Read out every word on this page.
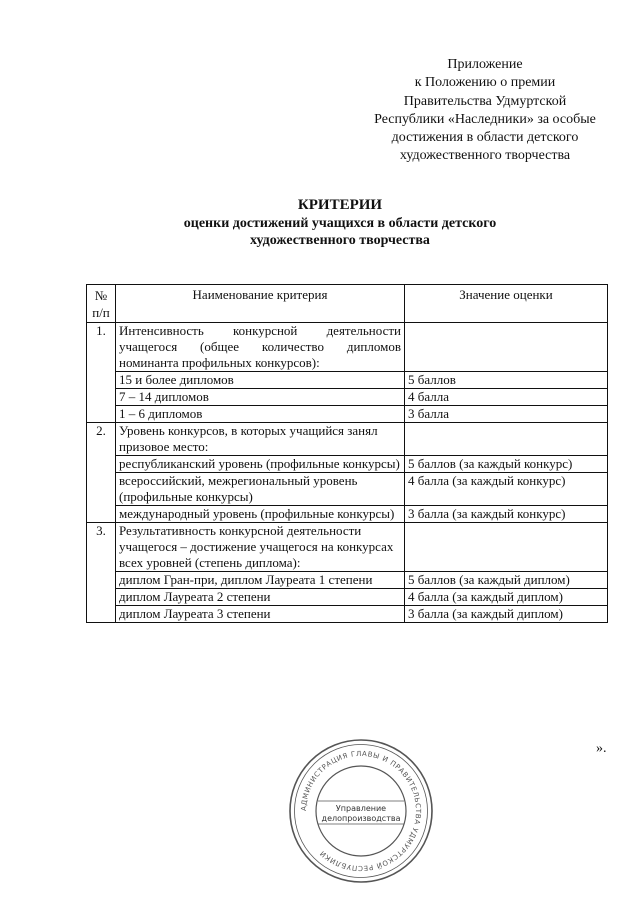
Приложение
к Положению о премии
Правительства Удмуртской
Республики «Наследники» за особые
достижения в области детского
художественного творчества
КРИТЕРИИ
оценки достижений учащихся в области детского
художественного творчества
№ п/п	Наименование критерия	Значение оценки
1.	Интенсивность конкурсной деятельности учащегося (общее количество дипломов номинанта профильных конкурсов):	
	15 и более дипломов	5 баллов
	7 – 14 дипломов	4 балла
	1 – 6 дипломов	3 балла
2.	Уровень конкурсов, в которых учащийся занял призовое место:	
	республиканский уровень (профильные конкурсы)	5 баллов (за каждый конкурс)
	всероссийский, межрегиональный уровень (профильные конкурсы)	4 балла (за каждый конкурс)
	международный уровень (профильные конкурсы)	3 балла (за каждый конкурс)
3.	Результативность конкурсной деятельности учащегося – достижение учащегося на конкурсах всех уровней (степень диплома):	
	диплом Гран-при, диплом Лауреата 1 степени	5 баллов (за каждый диплом)
	диплом Лауреата 2 степени	4 балла (за каждый диплом)
	диплом Лауреата 3 степени	3 балла (за каждый диплом)
».
АДМИНИСТРАЦИЯ ГЛАВЫ И ПРАВИТЕЛЬСТВА УДМУРТСКОЙ РЕСПУБЛИКИ
Управление
делопроизводства
